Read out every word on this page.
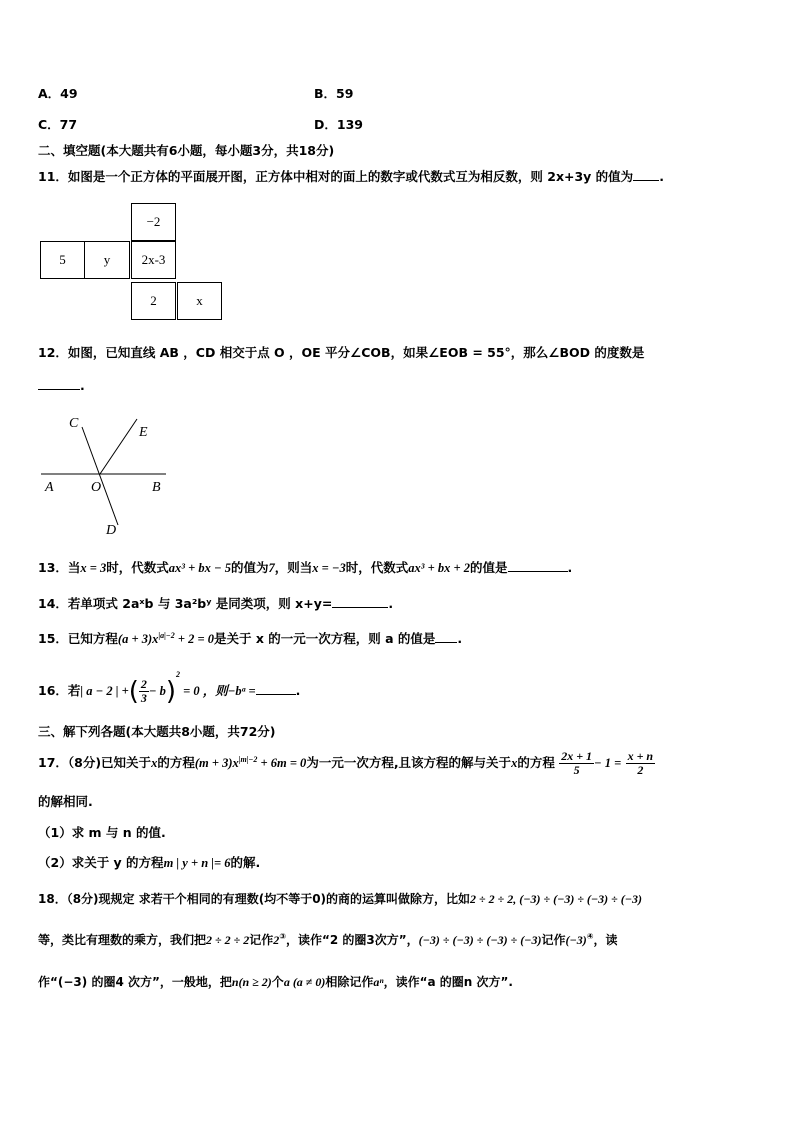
A．49	B．59
C．77	D．139
二、填空题(本大题共有6小题，每小题3分，共18分)
11．如图是一个正方体的平面展开图，正方体中相对的面上的数字或代数式互为相反数，则 2x+3y 的值为 .
−2
5	y	2x-3
2	x
12．如图，已知直线 AB ，CD 相交于点 O ，OE 平分∠COB，如果∠EOB = 55°，那么∠BOD 的度数是
.
C
E
A	O	B
D
13．当x = 3时，代数式ax³ + bx − 5的值为7，则当x = −3时，代数式ax³ + bx + 2的值是	.
14．若单项式 2aˣb 与 3a²bʸ 是同类项，则 x+y=	.
15．已知方程$(a + 3)x^{|a|-2} + 2 = 0$是关于 x 的一元一次方程，则 a 的值是 .
16．若| a − 2 | +( $\frac{2}{3} - b)^2 = 0$ ，则−bᵃ =	.
三、解下列各题(本大题共8小题，共72分)
17．（8分)已知关于x的方程$(m + 3)x^{|m|-2} + 6m = 0$为一元一次方程,且该方程的解与关于x的方程 $\frac{2x + 1}{5} - 1 = \frac{x + n}{2}$
的解相同.
（1）求 m 与 n 的值.
（2）求关于 y 的方程m | y + n |= 6的解.
18．（8分)现规定 求若干个相同的有理数(均不等于0)的商的运算叫做除方，比如2 ÷ 2 ÷ 2, (−3) ÷ (−3) ÷ (−3) ÷ (−3)
等，类比有理数的乘方，我们把2 ÷ 2 ÷ 2记作2③，读作“2 的圈3次方”，(−3) ÷ (−3) ÷ (−3) ÷ (−3)记作(−3)④，读
作“(−3) 的圈4 次方”，一般地，把n(n ≥ 2)个a (a ≠ 0)相除记作aⁿ，读作“a 的圈n 次方”.
